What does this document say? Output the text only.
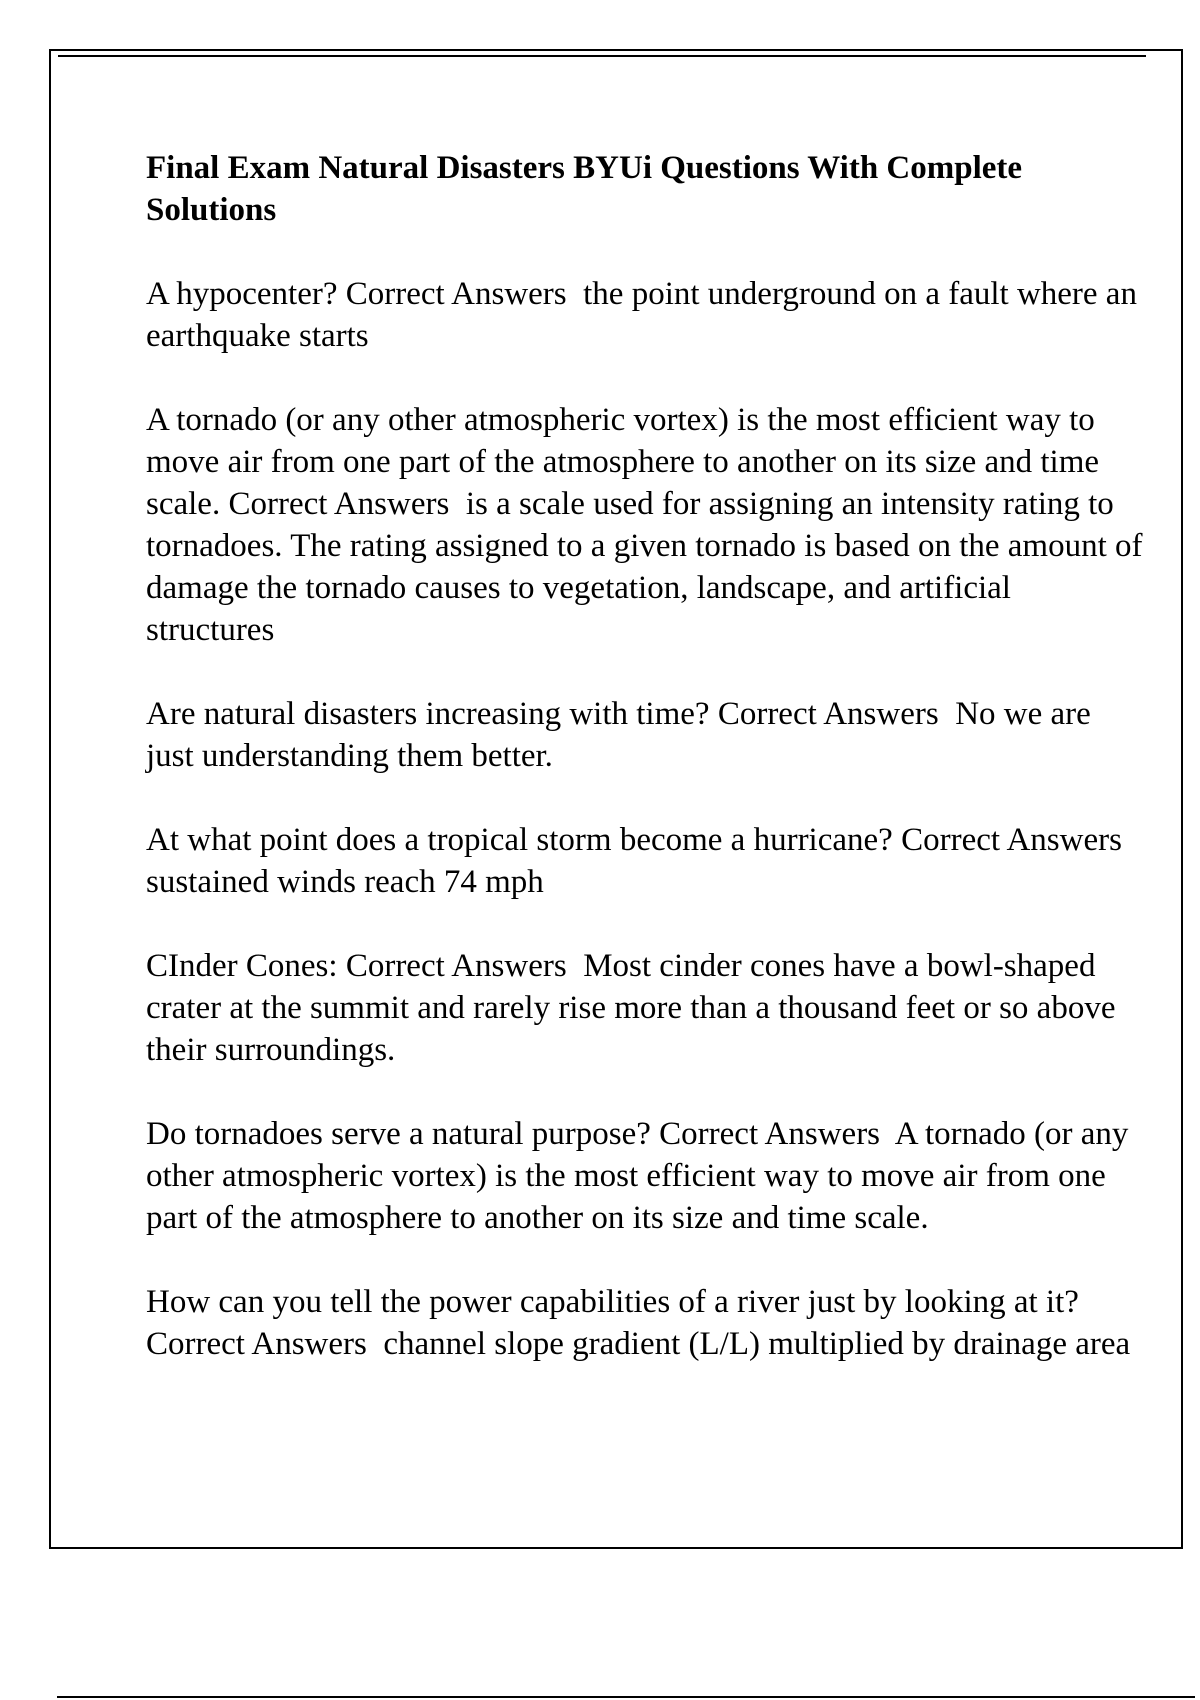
Final Exam Natural Disasters BYUi Questions With Complete Solutions

A hypocenter? Correct Answers the point underground on a fault where an earthquake starts

A tornado (or any other atmospheric vortex) is the most efficient way to move air from one part of the atmosphere to another on its size and time scale. Correct Answers is a scale used for assigning an intensity rating to tornadoes. The rating assigned to a given tornado is based on the amount of damage the tornado causes to vegetation, landscape, and artificial structures

Are natural disasters increasing with time? Correct Answers No we are just understanding them better.

At what point does a tropical storm become a hurricane? Correct Answers  sustained winds reach 74 mph

CInder Cones: Correct Answers Most cinder cones have a bowl-shaped crater at the summit and rarely rise more than a thousand feet or so above their surroundings.

Do tornadoes serve a natural purpose? Correct Answers A tornado (or any other atmospheric vortex) is the most efficient way to move air from one part of the atmosphere to another on its size and time scale.

How can you tell the power capabilities of a river just by looking at it? Correct Answers channel slope gradient (L/L) multiplied by drainage area
